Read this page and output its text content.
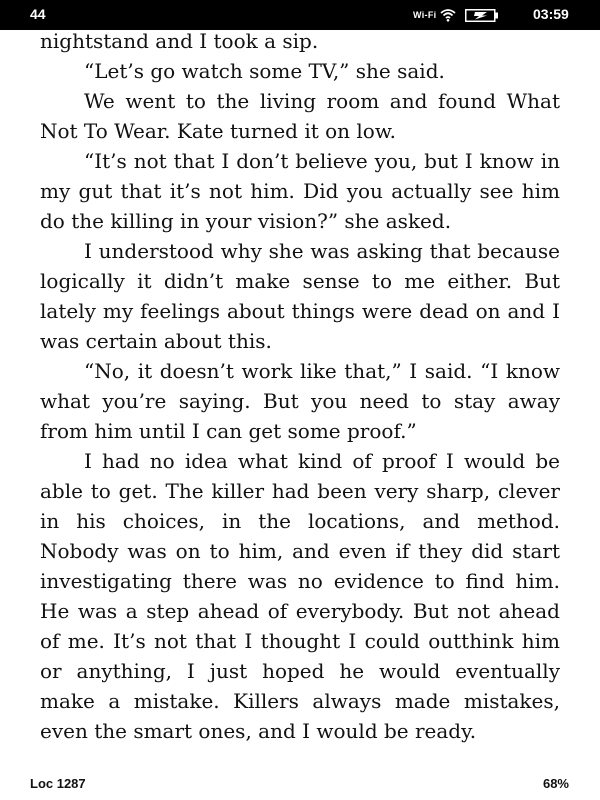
44	Wi-Fi	03:59

nightstand and I took a sip.

“Let’s go watch some TV,” she said.

We went to the living room and found What Not To Wear. Kate turned it on low.

“It’s not that I don’t believe you, but I know in my gut that it’s not him. Did you actually see him do the killing in your vision?” she asked.

I understood why she was asking that because logically it didn’t make sense to me either. But lately my feelings about things were dead on and I was certain about this.

“No, it doesn’t work like that,” I said. “I know what you’re saying. But you need to stay away from him until I can get some proof.”

I had no idea what kind of proof I would be able to get. The killer had been very sharp, clever in his choices, in the locations, and method. Nobody was on to him, and even if they did start investigating there was no evidence to find him. He was a step ahead of everybody. But not ahead of me. It’s not that I thought I could outthink him or anything, I just hoped he would eventually make a mistake. Killers always made mistakes, even the smart ones, and I would be ready.

Loc 1287	68%
